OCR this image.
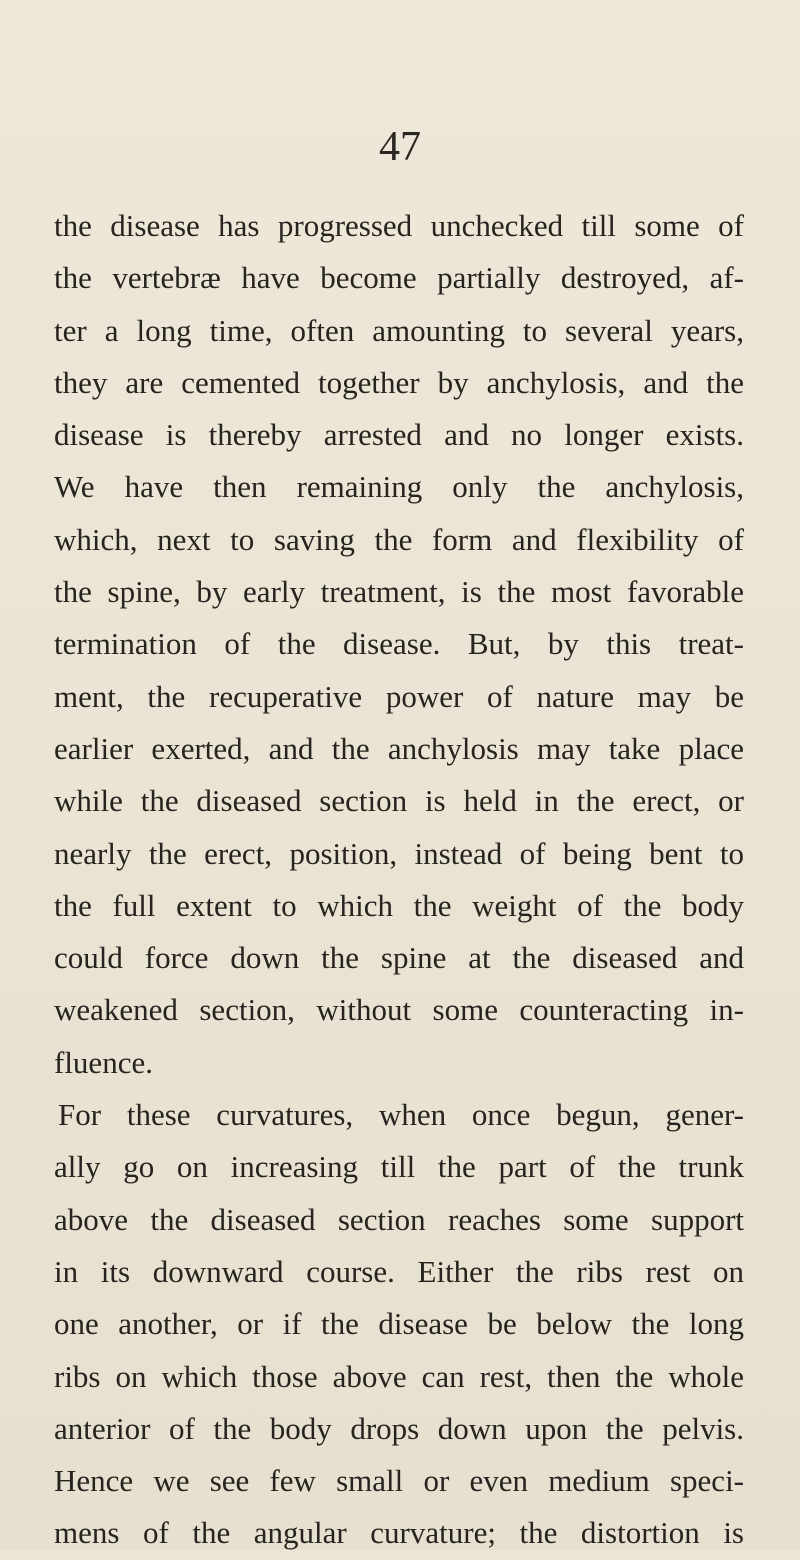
47
the disease has progressed unchecked till some of
the vertebræ have become partially destroyed, af-
ter a long time, often amounting to several years,
they are cemented together by anchylosis, and the
disease is thereby arrested and no longer exists.
We have then remaining only the anchylosis,
which, next to saving the form and flexibility of
the spine, by early treatment, is the most favorable
termination of the disease. But, by this treat-
ment, the recuperative power of nature may be
earlier exerted, and the anchylosis may take place
while the diseased section is held in the erect, or
nearly the erect, position, instead of being bent to
the full extent to which the weight of the body
could force down the spine at the diseased and
weakened section, without some counteracting in-
fluence.
For these curvatures, when once begun, gener-
ally go on increasing till the part of the trunk
above the diseased section reaches some support
in its downward course. Either the ribs rest on
one another, or if the disease be below the long
ribs on which those above can rest, then the whole
anterior of the body drops down upon the pelvis.
Hence we see few small or even medium speci-
mens of the angular curvature; the distortion is
